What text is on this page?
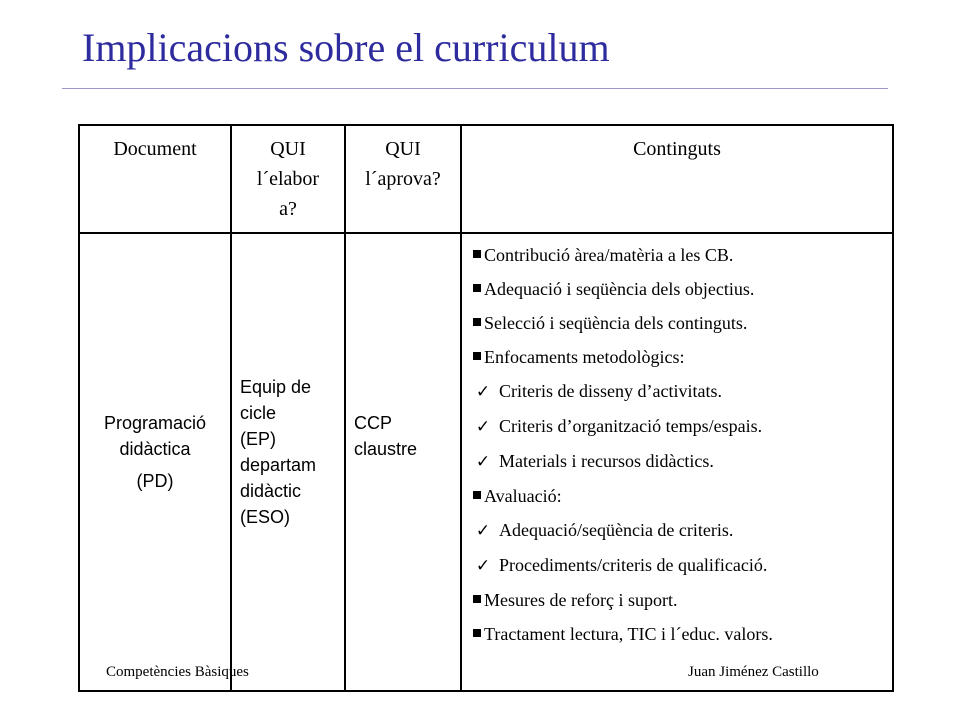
Implicacions sobre el curriculum
Document	QUI
l´elabor
a?
QUI
l´aprova?
Continguts
Programació
didàctica
(PD)
Equip de
cicle
(EP)
departam
didàctic
(ESO)
CCP
claustre
Contribució àrea/matèria a les CB.
Adequació i seqüència dels objectius.
Selecció i seqüència dels continguts.
Enfocaments metodològics:
✓ Criteris de disseny d’activitats.
✓ Criteris d’organització temps/espais.
✓ Materials i recursos didàctics.
Avaluació:
✓ Adequació/seqüència de criteris.
✓ Procediments/criteris de qualificació.
Mesures de reforç i suport.
Tractament lectura, TIC i l´educ. valors.
Competències Bàsiques	Juan Jiménez Castillo
